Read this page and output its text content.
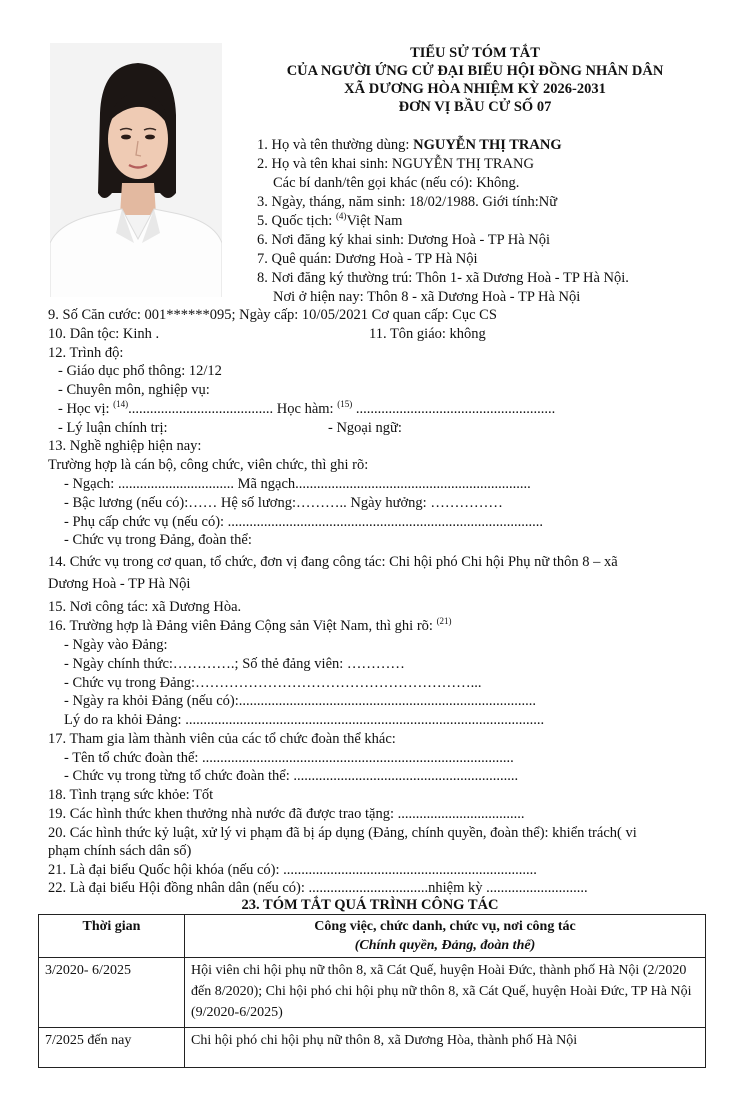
TIỂU SỬ TÓM TẮT
CỦA NGƯỜI ỨNG CỬ ĐẠI BIỂU HỘI ĐỒNG NHÂN DÂN
XÃ DƯƠNG HÒA NHIỆM KỲ 2026-2031
ĐƠN VỊ BẦU CỬ SỐ 07
1. Họ và tên thường dùng: NGUYỄN THỊ TRANG
2. Họ và tên khai sinh: NGUYỄN THỊ TRANG
Các bí danh/tên gọi khác (nếu có): Không.
3. Ngày, tháng, năm sinh: 18/02/1988. Giới tính:Nữ
5. Quốc tịch: $^{(4)}$Việt Nam
6. Nơi đăng ký khai sinh: Dương Hoà - TP Hà Nội
7. Quê quán: Dương Hoà - TP Hà Nội
8. Nơi đăng ký thường trú: Thôn 1- xã Dương Hoà - TP Hà Nội.
Nơi ở hiện nay: Thôn 8 - xã Dương Hoà - TP Hà Nội
9. Số Căn cước: 001******095; Ngày cấp: 10/05/2021 Cơ quan cấp: Cục CS
10. Dân tộc: Kinh .	11. Tôn giáo: không
12. Trình độ:
- Giáo dục phổ thông: 12/12
- Chuyên môn, nghiệp vụ:
- Học vị: $^{(14)}$........................................ Học hàm: $^{(15)}$ .......................................................
- Lý luận chính trị:	- Ngoại ngữ:
13. Nghề nghiệp hiện nay:
Trường hợp là cán bộ, công chức, viên chức, thì ghi rõ:
- Ngạch: ................................ Mã ngạch.................................................................
- Bậc lương (nếu có):…… Hệ số lương:……….. Ngày hưởng: ……………
- Phụ cấp chức vụ (nếu có): .......................................................................................
- Chức vụ trong Đảng, đoàn thể:
14. Chức vụ trong cơ quan, tổ chức, đơn vị đang công tác: Chi hội phó Chi hội Phụ nữ thôn 8 – xã
Dương Hoà - TP Hà Nội
15. Nơi công tác: xã Dương Hòa.
16. Trường hợp là Đảng viên Đảng Cộng sản Việt Nam, thì ghi rõ: $^{(21)}$
- Ngày vào Đảng:
- Ngày chính thức:………….; Số thẻ đảng viên: …………
- Chức vụ trong Đảng:…………………………………………………...
- Ngày ra khỏi Đảng (nếu có):..................................................................................
Lý do ra khỏi Đảng: ...................................................................................................
17. Tham gia làm thành viên của các tổ chức đoàn thể khác:
- Tên tổ chức đoàn thể: ......................................................................................
- Chức vụ trong từng tổ chức đoàn thể: ..............................................................
18. Tình trạng sức khỏe: Tốt
19. Các hình thức khen thưởng nhà nước đã được trao tặng: ...................................
20. Các hình thức kỷ luật, xử lý vi phạm đã bị áp dụng (Đảng, chính quyền, đoàn thể): khiển trách( vi
phạm chính sách dân số)
21. Là đại biểu Quốc hội khóa (nếu có): ......................................................................
22. Là đại biểu Hội đồng nhân dân (nếu có): .................................nhiệm kỳ ............................
23. TÓM TẮT QUÁ TRÌNH CÔNG TÁC
Thời gian	Công việc, chức danh, chức vụ, nơi công tác
(Chính quyền, Đảng, đoàn thể)

3/2020- 6/2025	Hội viên chi hội phụ nữ thôn 8, xã Cát Quế, huyện Hoài Đức, thành phố Hà Nội (2/2020 đến 8/2020); Chi hội phó chi hội phụ nữ thôn 8, xã Cát Quế, huyện Hoài Đức, TP Hà Nội (9/2020-6/2025)
7/2025 đến nay	Chi hội phó chi hội phụ nữ thôn 8, xã Dương Hòa, thành phố Hà Nội
